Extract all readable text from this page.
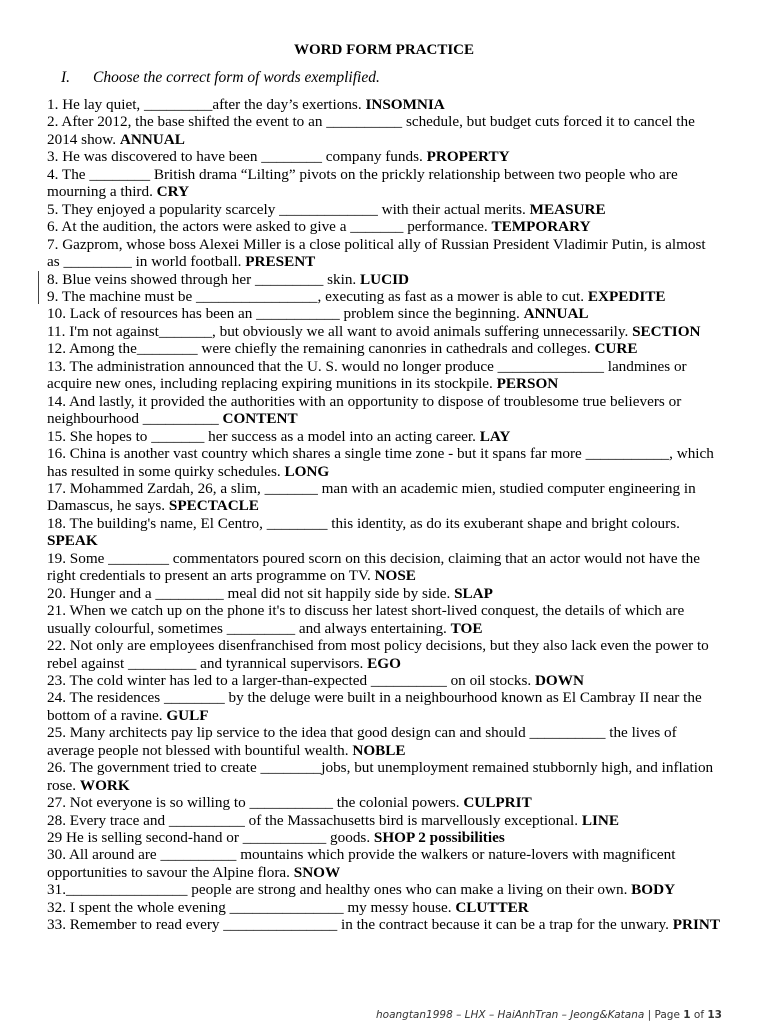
WORD FORM PRACTICE
I. Choose the correct form of words exemplified.

1. He lay quiet, _________after the day’s exertions. INSOMNIA

2. After 2012, the base shifted the event to an __________ schedule, but budget cuts forced it to cancel the 2014 show. ANNUAL

3. He was discovered to have been ________ company funds. PROPERTY

4. The ________ British drama “Lilting” pivots on the prickly relationship between two people who are mourning a third. CRY

5. They enjoyed a popularity scarcely _____________ with their actual merits. MEASURE

6. At the audition, the actors were asked to give a _______ performance. TEMPORARY

7. Gazprom, whose boss Alexei Miller is a close political ally of Russian President Vladimir Putin, is almost as _________ in world football. PRESENT

8. Blue veins showed through her _________ skin. LUCID

9. The machine must be ________________, executing as fast as a mower is able to cut. EXPEDITE

10. Lack of resources has been an ___________ problem since the beginning. ANNUAL

11. I'm not against_______, but obviously we all want to avoid animals suffering unnecessarily. SECTION

12. Among the________ were chiefly the remaining canonries in cathedrals and colleges. CURE

13. The administration announced that the U. S. would no longer produce ______________ landmines or acquire new ones, including replacing expiring munitions in its stockpile. PERSON

14. And lastly, it provided the authorities with an opportunity to dispose of troublesome true believers or neighbourhood __________ CONTENT

15. She hopes to _______ her success as a model into an acting career. LAY

16. China is another vast country which shares a single time zone - but it spans far more ___________, which has resulted in some quirky schedules. LONG

17. Mohammed Zardah, 26, a slim, _______ man with an academic mien, studied computer engineering in Damascus, he says. SPECTACLE

18. The building's name, El Centro, ________ this identity, as do its exuberant shape and bright colours. SPEAK

19. Some ________ commentators poured scorn on this decision, claiming that an actor would not have the right credentials to present an arts programme on TV. NOSE

20. Hunger and a _________ meal did not sit happily side by side. SLAP

21. When we catch up on the phone it's to discuss her latest short-lived conquest, the details of which are usually colourful, sometimes _________ and always entertaining. TOE

22. Not only are employees disenfranchised from most policy decisions, but they also lack even the power to rebel against _________ and tyrannical supervisors. EGO

23. The cold winter has led to a larger-than-expected __________ on oil stocks. DOWN

24. The residences ________ by the deluge were built in a neighbourhood known as El Cambray II near the bottom of a ravine. GULF

25. Many architects pay lip service to the idea that good design can and should __________ the lives of average people not blessed with bountiful wealth. NOBLE

26. The government tried to create ________jobs, but unemployment remained stubbornly high, and inflation rose. WORK

27. Not everyone is so willing to ___________ the colonial powers. CULPRIT

28. Every trace and __________ of the Massachusetts bird is marvellously exceptional. LINE

29 He is selling second-hand or ___________ goods. SHOP 2 possibilities

30. All around are __________ mountains which provide the walkers or nature-lovers with magnificent opportunities to savour the Alpine flora. SNOW

31.________________ people are strong and healthy ones who can make a living on their own. BODY

32. I spent the whole evening _______________ my messy house. CLUTTER

33. Remember to read every _______________ in the contract because it can be a trap for the unwary. PRINT

hoangtan1998 – LHX – HaiAnhTran – Jeong&Katana | Page 1 of 13
